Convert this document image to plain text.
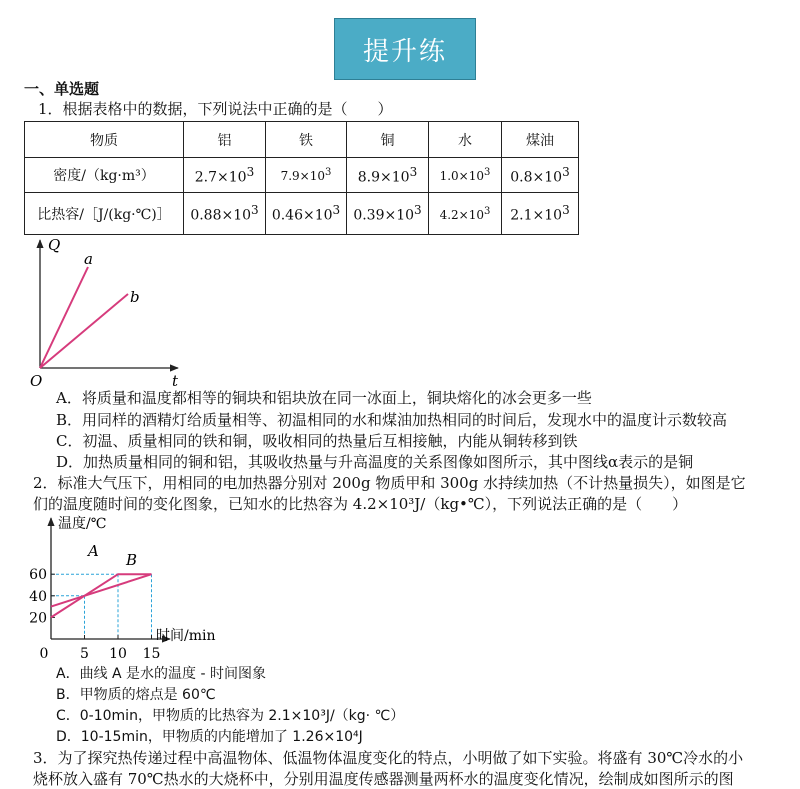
提升练
一、单选题
1．根据表格中的数据，下列说法中正确的是（　　）
物质	铝	铁	铜	水	煤油
密度/（kg·m³）	$2.7\times 10^3$	$7.9\times 10^3$	$8.9\times 10^3$	$1.0\times 10^3$	$0.8\times 10^3$
比热容/［J/(kg·℃)］	$0.88\times 10^3$	$0.46\times 10^3$	$0.39\times 10^3$	$4.2\times 10^3$	$2.1\times 10^3$
Q
t
O
a
b
A．将质量和温度都相等的铜块和铝块放在同一冰面上，铜块熔化的冰会更多一些
B．用同样的酒精灯给质量相等、初温相同的水和煤油加热相同的时间后，发现水中的温度计示数较高
C．初温、质量相同的铁和铜，吸收相同的热量后互相接触，内能从铜转移到铁
D．加热质量相同的铜和铝，其吸收热量与升高温度的关系图像如图所示，其中图线α表示的是铜
2．标准大气压下，用相同的电加热器分别对 200g 物质甲和 300g 水持续加热（不计热量损失），如图是它
们的温度随时间的变化图象，已知水的比热容为 4.2×10³J/（kg•℃），下列说法正确的是（　　）
温度/℃
时间/min
0
20
40
60
5 10 15
A B
A．曲线 A 是水的温度 - 时间图象
B．甲物质的熔点是 60℃
C．0-10min，甲物质的比热容为 2.1×10³J/（kg· ℃）
D．10-15min，甲物质的内能增加了 1.26×10⁴J
3．为了探究热传递过程中高温物体、低温物体温度变化的特点，小明做了如下实验。将盛有 30℃冷水的小
烧杯放入盛有 70℃热水的大烧杯中，分别用温度传感器测量两杯水的温度变化情况，绘制成如图所示的图
